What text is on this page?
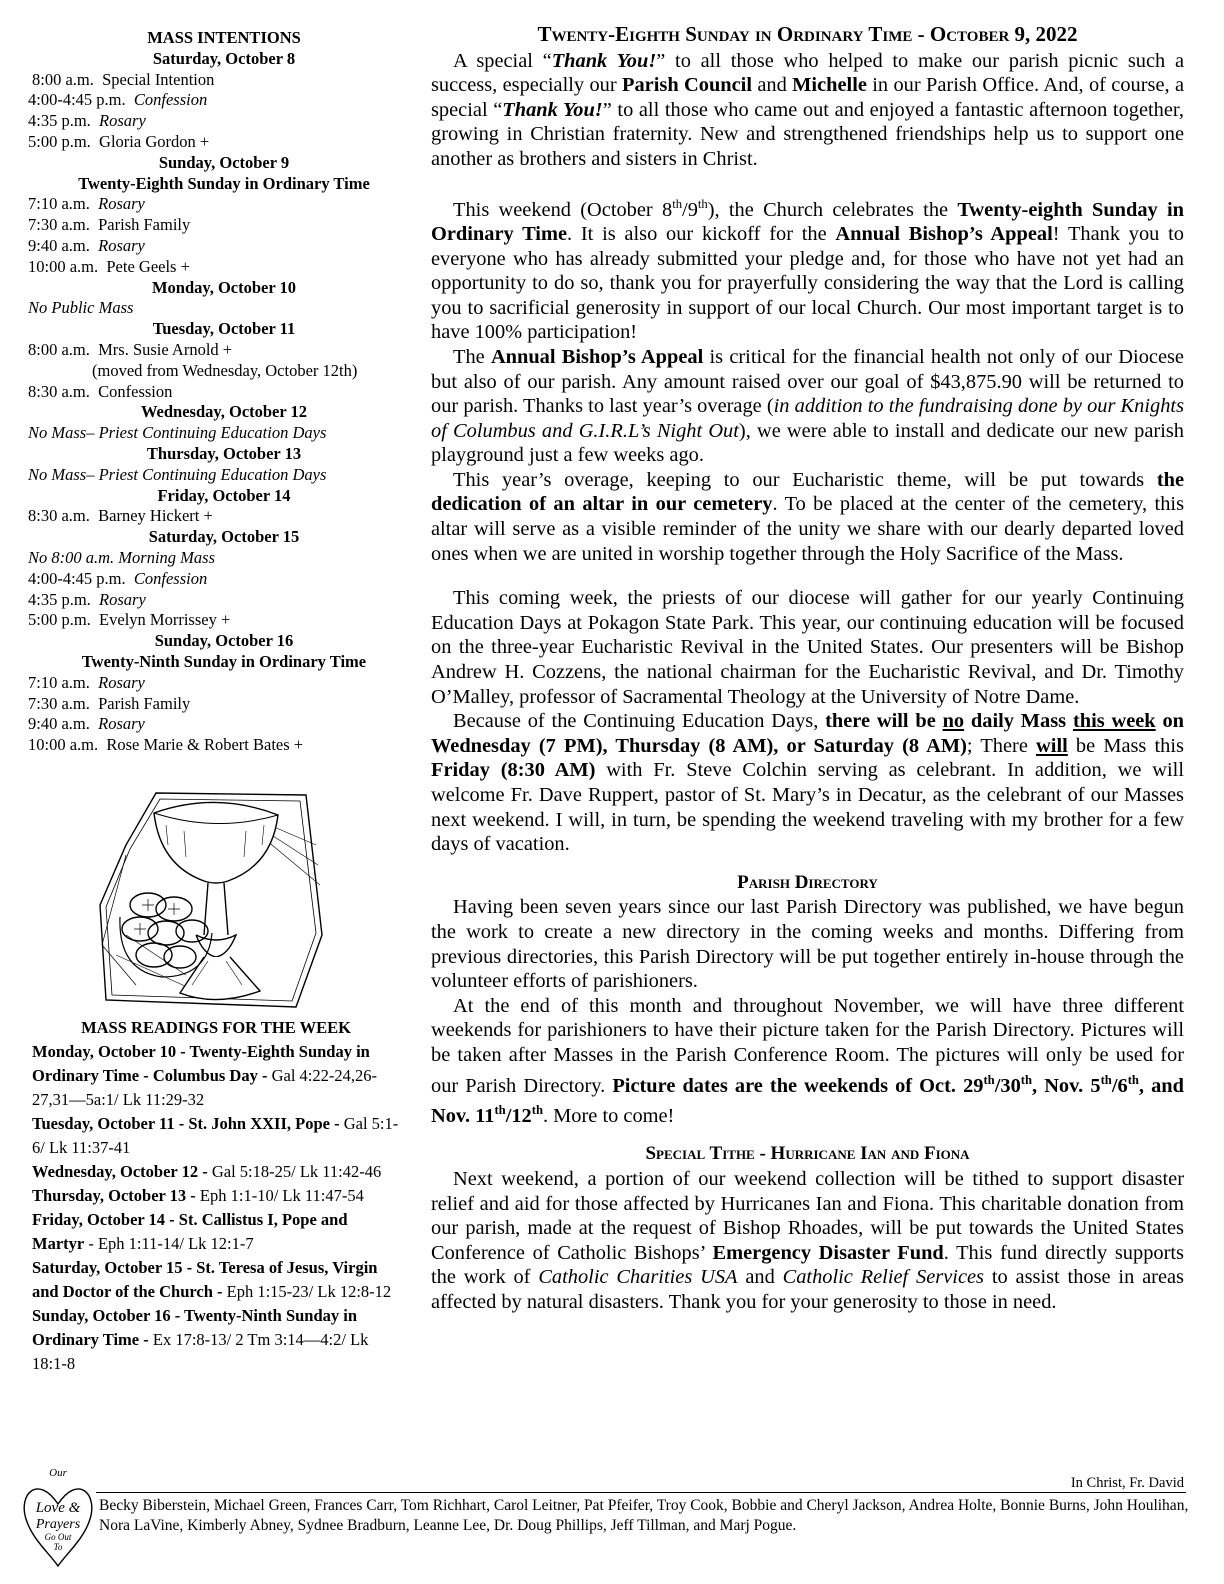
MASS INTENTIONS
Saturday, October 8
8:00 a.m. Special Intention
4:00-4:45 p.m. Confession
4:35 p.m. Rosary
5:00 p.m. Gloria Gordon +
Sunday, October 9
Twenty-Eighth Sunday in Ordinary Time
7:10 a.m. Rosary
7:30 a.m. Parish Family
9:40 a.m. Rosary
10:00 a.m. Pete Geels +
Monday, October 10
No Public Mass
Tuesday, October 11
8:00 a.m. Mrs. Susie Arnold +
(moved from Wednesday, October 12th)
8:30 a.m. Confession
Wednesday, October 12
No Mass– Priest Continuing Education Days
Thursday, October 13
No Mass– Priest Continuing Education Days
Friday, October 14
8:30 a.m. Barney Hickert +
Saturday, October 15
No 8:00 a.m. Morning Mass
4:00-4:45 p.m. Confession
4:35 p.m. Rosary
5:00 p.m. Evelyn Morrissey +
Sunday, October 16
Twenty-Ninth Sunday in Ordinary Time
7:10 a.m. Rosary
7:30 a.m. Parish Family
9:40 a.m. Rosary
10:00 a.m. Rose Marie & Robert Bates +
MASS READINGS FOR THE WEEK
Monday, October 10 - Twenty-Eighth Sunday in Ordinary Time - Columbus Day - Gal 4:22-24,26-27,31—5a:1/ Lk 11:29-32
Tuesday, October 11 - St. John XXII, Pope - Gal 5:1-6/ Lk 11:37-41
Wednesday, October 12 - Gal 5:18-25/ Lk 11:42-46
Thursday, October 13 - Eph 1:1-10/ Lk 11:47-54
Friday, October 14 - St. Callistus I, Pope and Martyr - Eph 1:11-14/ Lk 12:1-7
Saturday, October 15 - St. Teresa of Jesus, Virgin and Doctor of the Church - Eph 1:15-23/ Lk 12:8-12
Sunday, October 16 - Twenty-Ninth Sunday in Ordinary Time - Ex 17:8-13/ 2 Tm 3:14—4:2/ Lk 18:1-8
Twenty-Eighth Sunday in Ordinary Time - October 9, 2022

A special “Thank You!” to all those who helped to make our parish picnic such a success, especially our Parish Council and Michelle in our Parish Office. And, of course, a special “Thank You!” to all those who came out and enjoyed a fantastic afternoon together, growing in Christian fraternity. New and strengthened friendships help us to support one another as brothers and sisters in Christ.

This weekend (October 8th/9th), the Church celebrates the Twenty-eighth Sunday in Ordinary Time. It is also our kickoff for the Annual Bishop’s Appeal! Thank you to everyone who has already submitted your pledge and, for those who have not yet had an opportunity to do so, thank you for prayerfully considering the way that the Lord is calling you to sacrificial generosity in support of our local Church. Our most important target is to have 100% participation!

The Annual Bishop’s Appeal is critical for the financial health not only of our Diocese but also of our parish. Any amount raised over our goal of $43,875.90 will be returned to our parish. Thanks to last year’s overage (in addition to the fundraising done by our Knights of Columbus and G.I.R.L’s Night Out), we were able to install and dedicate our new parish playground just a few weeks ago.

This year’s overage, keeping to our Eucharistic theme, will be put towards the dedication of an altar in our cemetery. To be placed at the center of the cemetery, this altar will serve as a visible reminder of the unity we share with our dearly departed loved ones when we are united in worship together through the Holy Sacrifice of the Mass.

This coming week, the priests of our diocese will gather for our yearly Continuing Education Days at Pokagon State Park. This year, our continuing education will be focused on the three-year Eucharistic Revival in the United States. Our presenters will be Bishop Andrew H. Cozzens, the national chairman for the Eucharistic Revival, and Dr. Timothy O’Malley, professor of Sacramental Theology at the University of Notre Dame.

Because of the Continuing Education Days, there will be no daily Mass this week on Wednesday (7 PM), Thursday (8 AM), or Saturday (8 AM); There will be Mass this Friday (8:30 AM) with Fr. Steve Colchin serving as celebrant. In addition, we will welcome Fr. Dave Ruppert, pastor of St. Mary’s in Decatur, as the celebrant of our Masses next weekend. I will, in turn, be spending the weekend traveling with my brother for a few days of vacation.

Parish Directory

Having been seven years since our last Parish Directory was published, we have begun the work to create a new directory in the coming weeks and months. Differing from previous directories, this Parish Directory will be put together entirely in-house through the volunteer efforts of parishioners.

At the end of this month and throughout November, we will have three different weekends for parishioners to have their picture taken for the Parish Directory. Pictures will be taken after Masses in the Parish Conference Room. The pictures will only be used for our Parish Directory. Picture dates are the weekends of Oct. 29th/30th, Nov. 5th/6th, and Nov. 11th/12th. More to come!

Special Tithe - Hurricane Ian and Fiona

Next weekend, a portion of our weekend collection will be tithed to support disaster relief and aid for those affected by Hurricanes Ian and Fiona. This charitable donation from our parish, made at the request of Bishop Rhoades, will be put towards the United States Conference of Catholic Bishops’ Emergency Disaster Fund. This fund directly supports the work of Catholic Charities USA and Catholic Relief Services to assist those in areas affected by natural disasters. Thank you for your generosity to those in need.

In Christ, Fr. David
Our
Love &
Prayers
Go Out
To
Becky Biberstein, Michael Green, Frances Carr, Tom Richhart, Carol Leitner, Pat Pfeifer, Troy Cook, Bobbie and Cheryl Jackson, Andrea Holte, Bonnie Burns, John Houlihan, Nora LaVine, Kimberly Abney, Sydnee Bradburn, Leanne Lee, Dr. Doug Phillips, Jeff Tillman, and Marj Pogue.
